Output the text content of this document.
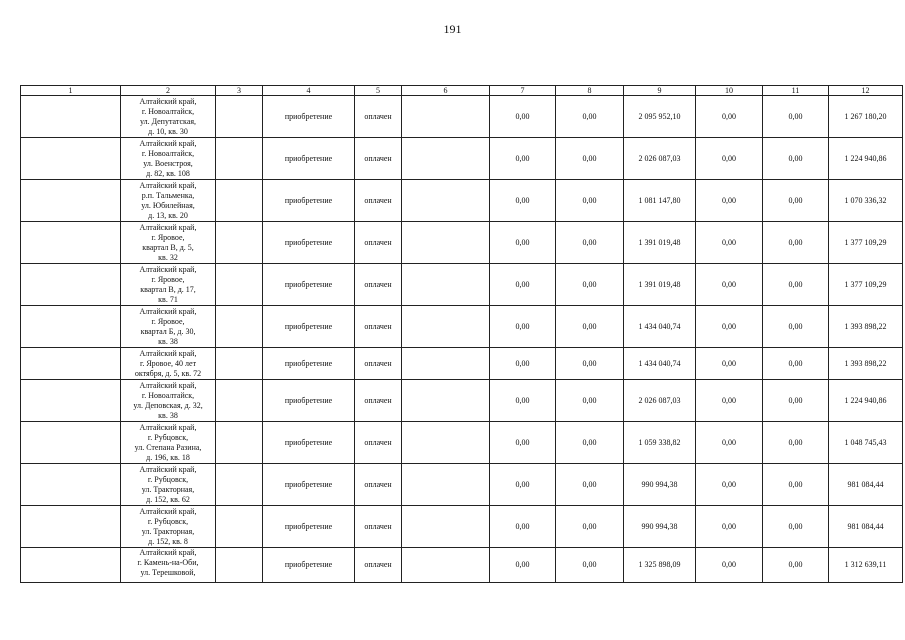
191
1	2	3	4	5	6	7	8	9	10	11	12

	Алтайский край,
г. Новоалтайск,
ул. Депутатская,
д. 10, кв. 30		приобретение	оплачен		0,00	0,00	2 095 952,10	0,00	0,00	1 267 180,20

	Алтайский край,
г. Новоалтайск,
ул. Военстроя,
д. 82, кв. 108		приобретение	оплачен		0,00	0,00	2 026 087,03	0,00	0,00	1 224 940,86

	Алтайский край,
р.п. Тальменка,
ул. Юбилейная,
д. 13, кв. 20		приобретение	оплачен		0,00	0,00	1 081 147,80	0,00	0,00	1 070 336,32

	Алтайский край,
г. Яровое,
квартал В, д. 5,
кв. 32		приобретение	оплачен		0,00	0,00	1 391 019,48	0,00	0,00	1 377 109,29

	Алтайский край,
г. Яровое,
квартал В, д. 17,
кв. 71		приобретение	оплачен		0,00	0,00	1 391 019,48	0,00	0,00	1 377 109,29

	Алтайский край,
г. Яровое,
квартал Б, д. 30,
кв. 38		приобретение	оплачен		0,00	0,00	1 434 040,74	0,00	0,00	1 393 898,22

	Алтайский край,
г. Яровое, 40 лет
октября, д. 5, кв. 72		приобретение	оплачен		0,00	0,00	1 434 040,74	0,00	0,00	1 393 898,22

	Алтайский край,
г. Новоалтайск,
ул. Деповская, д. 32,
кв. 38		приобретение	оплачен		0,00	0,00	2 026 087,03	0,00	0,00	1 224 940,86

	Алтайский край,
г. Рубцовск,
ул. Степана Разина,
д. 196, кв. 18		приобретение	оплачен		0,00	0,00	1 059 338,82	0,00	0,00	1 048 745,43

	Алтайский край,
г. Рубцовск,
ул. Тракторная,
д. 152, кв. 62		приобретение	оплачен		0,00	0,00	990 994,38	0,00	0,00	981 084,44

	Алтайский край,
г. Рубцовск,
ул. Тракторная,
д. 152, кв. 8		приобретение	оплачен		0,00	0,00	990 994,38	0,00	0,00	981 084,44

	Алтайский край,
г. Камень-на-Оби,
ул. Терешковой,		приобретение	оплачен		0,00	0,00	1 325 898,09	0,00	0,00	1 312 639,11
